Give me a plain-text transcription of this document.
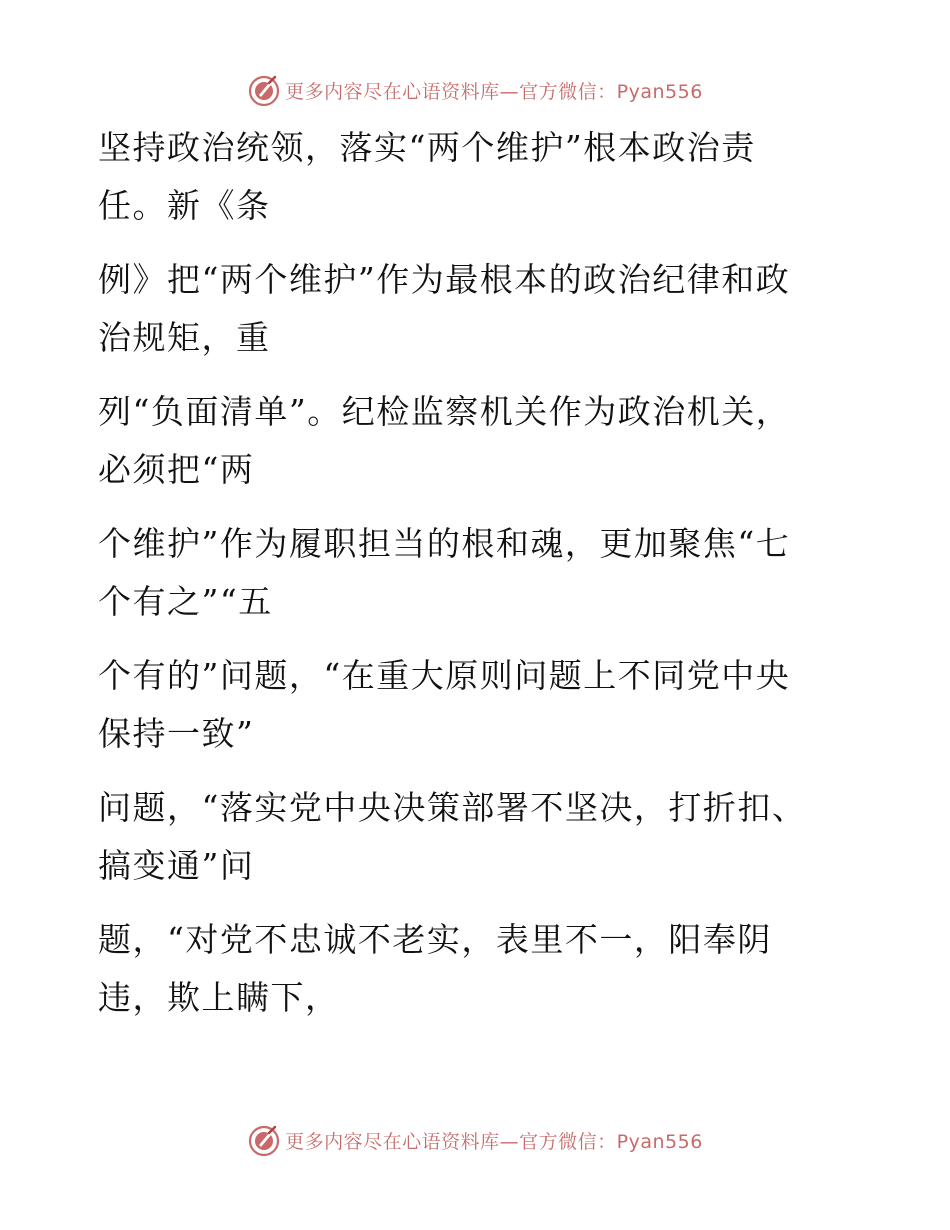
更多内容尽在心语资料库—官方微信：Pyan556
坚持政治统领，落实“两个维护”根本政治责
任。新《条
例》把“两个维护”作为最根本的政治纪律和政
治规矩，重
列“负面清单”。纪检监察机关作为政治机关，
必须把“两
个维护”作为履职担当的根和魂，更加聚焦“七
个有之”“五
个有的”问题，“在重大原则问题上不同党中央
保持一致”
问题，“落实党中央决策部署不坚决，打折扣、
搞变通”问
题，“对党不忠诚不老实，表里不一，阳奉阴
违，欺上瞒下，
更多内容尽在心语资料库—官方微信：Pyan556
